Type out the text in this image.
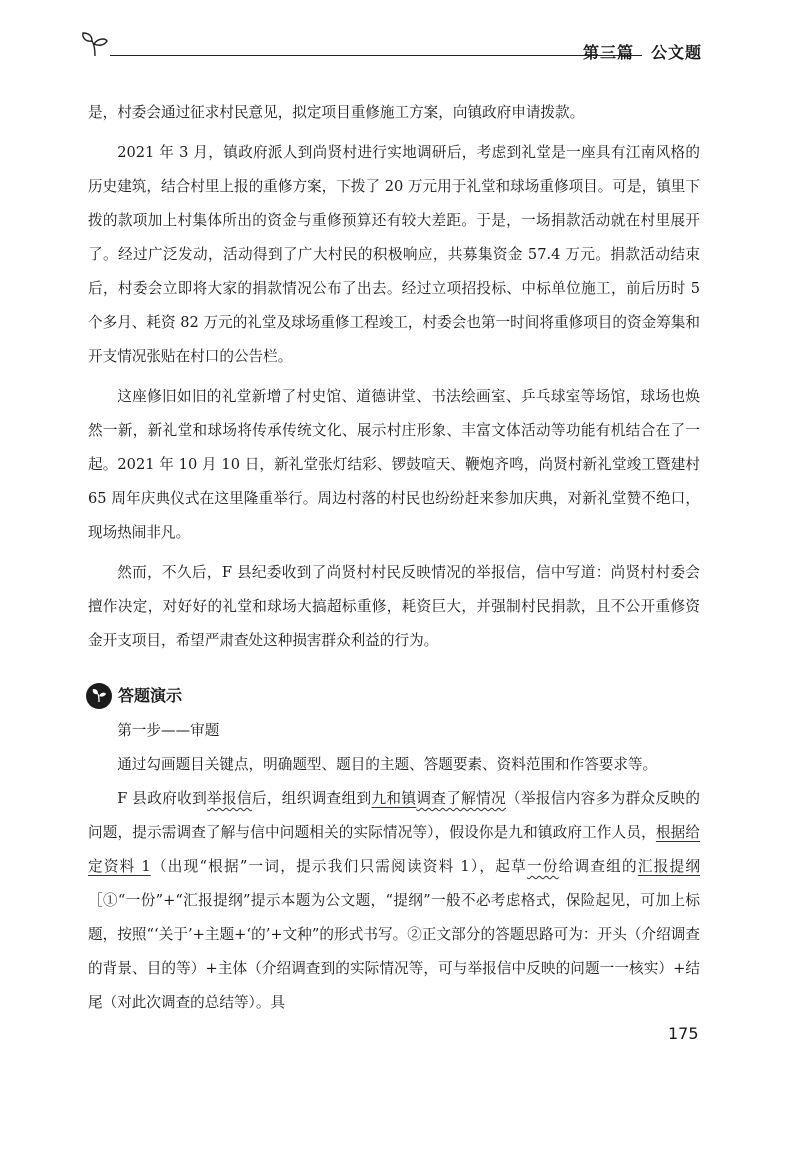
第三篇　公文题

是，村委会通过征求村民意见，拟定项目重修施工方案，向镇政府申请拨款。

2021 年 3 月，镇政府派人到尚贤村进行实地调研后，考虑到礼堂是一座具有江南风格的历史建筑，结合村里上报的重修方案，下拨了 20 万元用于礼堂和球场重修项目。可是，镇里下拨的款项加上村集体所出的资金与重修预算还有较大差距。于是，一场捐款活动就在村里展开了。经过广泛发动，活动得到了广大村民的积极响应，共募集资金 57.4 万元。捐款活动结束后，村委会立即将大家的捐款情况公布了出去。经过立项招投标、中标单位施工，前后历时 5 个多月、耗资 82 万元的礼堂及球场重修工程竣工，村委会也第一时间将重修项目的资金筹集和开支情况张贴在村口的公告栏。

这座修旧如旧的礼堂新增了村史馆、道德讲堂、书法绘画室、乒乓球室等场馆，球场也焕然一新，新礼堂和球场将传承传统文化、展示村庄形象、丰富文体活动等功能有机结合在了一起。2021 年 10 月 10 日，新礼堂张灯结彩、锣鼓喧天、鞭炮齐鸣，尚贤村新礼堂竣工暨建村 65 周年庆典仪式在这里隆重举行。周边村落的村民也纷纷赶来参加庆典，对新礼堂赞不绝口，现场热闹非凡。

然而，不久后，F 县纪委收到了尚贤村村民反映情况的举报信，信中写道：尚贤村村委会擅作决定，对好好的礼堂和球场大搞超标重修，耗资巨大，并强制村民捐款，且不公开重修资金开支项目，希望严肃查处这种损害群众利益的行为。

答题演示

第一步——审题

通过勾画题目关键点，明确题型、题目的主题、答题要素、资料范围和作答要求等。

F 县政府收到举报信后，组织调查组到九和镇调查了解情况（举报信内容多为群众反映的问题，提示需调查了解与信中问题相关的实际情况等），假设你是九和镇政府工作人员，根据给定资料 1（出现“根据”一词，提示我们只需阅读资料 1），起草一份给调查组的汇报提纲［①“一份”+“汇报提纲”提示本题为公文题，“提纲”一般不必考虑格式，保险起见，可加上标题，按照“‘关于’+主题+‘的’+文种”的形式书写。②正文部分的答题思路可为：开头（介绍调查的背景、目的等）+主体（介绍调查到的实际情况等，可与举报信中反映的问题一一核实）+结尾（对此次调查的总结等）。具

175
